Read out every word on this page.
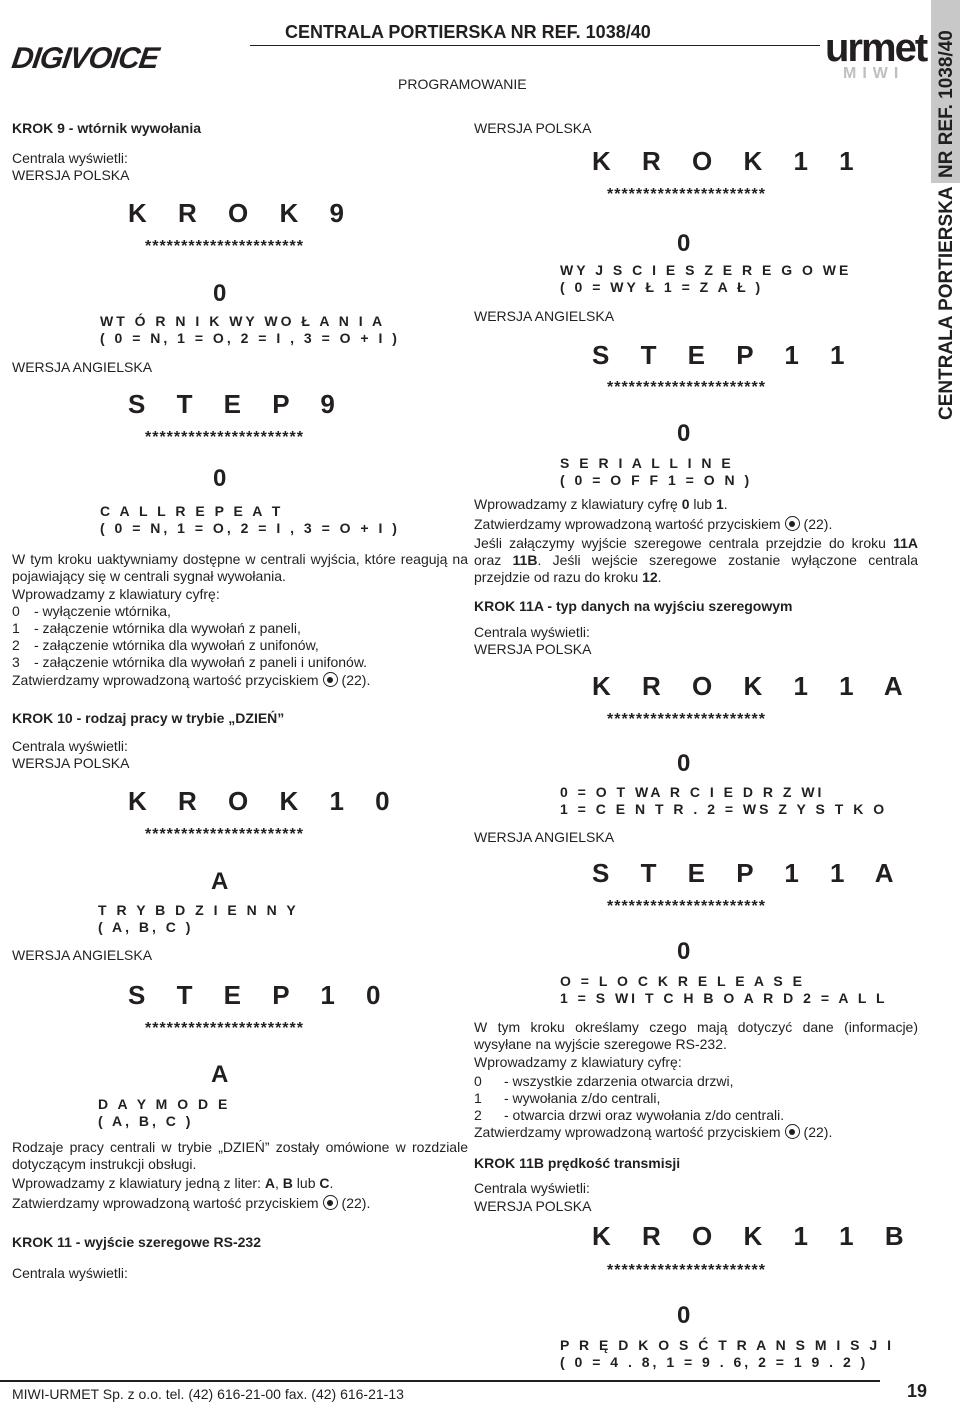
DIGIVOICE
CENTRALA PORTIERSKA NR REF. 1038/40
PROGRAMOWANIE
urmet
MIWI NR REF. 1038/40
CENTRALA PORTIERSKA
KROK 9 - wtórnik wywołania
Centrala wyświetli:
WERSJA POLSKA
K R O K 9
**********************
0
WT Ó R N I K WY WO Ł A N I A
( 0 = N, 1 = O, 2 = I , 3 = O + I )
WERSJA ANGIELSKA
S T E P 9
**********************
0
C A L L R E P E A T
( 0 = N, 1 = O, 2 = I , 3 = O + I )
W tym kroku uaktywniamy dostępne w centrali wyjścia, które reagują na pojawiający się w centrali sygnał wywołania.
Wprowadzamy z klawiatury cyfrę:
0 - wyłączenie wtórnika,
1 - załączenie wtórnika dla wywołań z paneli,
2 - załączenie wtórnika dla wywołań z unifonów,
3 - załączenie wtórnika dla wywołań z paneli i unifonów.
Zatwierdzamy wprowadzoną wartość przyciskiem (22).
KROK 10 - rodzaj pracy w trybie „DZIEŃ”
Centrala wyświetli:
WERSJA POLSKA
K R O K 1 0
**********************
A
T R Y B D Z I E N N Y
( A, B, C )
WERSJA ANGIELSKA
S T E P 1 0
**********************
A
D A Y M O D E
( A, B, C )
Rodzaje pracy centrali w trybie „DZIEŃ” zostały omówione w rozdziale dotyczącym instrukcji obsługi.
Wprowadzamy z klawiatury jedną z liter: A, B lub C.
Zatwierdzamy wprowadzoną wartość przyciskiem (22).
KROK 11 - wyjście szeregowe RS-232
Centrala wyświetli:
WERSJA POLSKA
K R O K 1 1
**********************
0
WY J S C I E S Z E R E G O WE
( 0 = WY Ł 1 = Z A Ł )
WERSJA ANGIELSKA
S T E P 1 1
**********************
0
S E R I A L L I N E
( 0 = O F F 1 = O N )
Wprowadzamy z klawiatury cyfrę 0 lub 1.
Zatwierdzamy wprowadzoną wartość przyciskiem (22).
Jeśli załączymy wyjście szeregowe centrala przejdzie do kroku 11A oraz 11B. Jeśli wejście szeregowe zostanie wyłączone centrala przejdzie od razu do kroku 12.
KROK 11A - typ danych na wyjściu szeregowym
Centrala wyświetli:
WERSJA POLSKA
K R O K 1 1 A
**********************
0
0 = O T WA R C I E D R Z WI
1 = C E N T R . 2 = WS Z Y S T K O
WERSJA ANGIELSKA
S T E P 1 1 A
**********************
0
O = L O C K R E L E A S E
1 = S WI T C H B O A R D 2 = A L L
W tym kroku określamy czego mają dotyczyć dane (informacje) wysyłane na wyjście szeregowe RS-232.
Wprowadzamy z klawiatury cyfrę:
0 - wszystkie zdarzenia otwarcia drzwi,
1 - wywołania z/do centrali,
2 - otwarcia drzwi oraz wywołania z/do centrali.
Zatwierdzamy wprowadzoną wartość przyciskiem (22).
KROK 11B prędkość transmisji
Centrala wyświetli:
WERSJA POLSKA
K R O K 1 1 B
**********************
0
P R Ę D K O S Ć T R A N S M I S J I
( 0 = 4 . 8, 1 = 9 . 6, 2 = 1 9 . 2 )
MIWI-URMET Sp. z o.o. tel. (42) 616-21-00 fax. (42) 616-21-13	19
